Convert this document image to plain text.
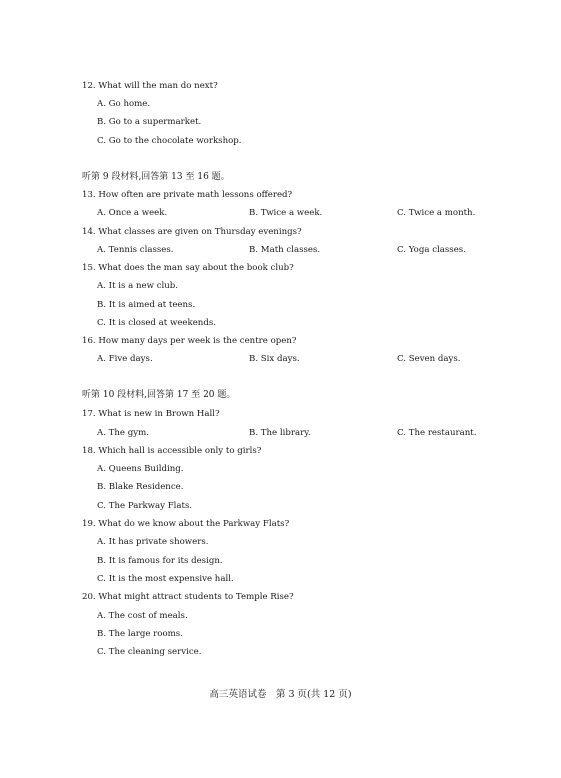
12. What will the man do next?
A. Go home.
B. Go to a supermarket.
C. Go to the chocolate workshop.
听第 9 段材料,回答第 13 至 16 题。
13. How often are private math lessons offered?
A. Once a week.	B. Twice a week.	C. Twice a month.
14. What classes are given on Thursday evenings?
A. Tennis classes.	B. Math classes.	C. Yoga classes.
15. What does the man say about the book club?
A. It is a new club.
B. It is aimed at teens.
C. It is closed at weekends.
16. How many days per week is the centre open?
A. Five days.	B. Six days.	C. Seven days.
听第 10 段材料,回答第 17 至 20 题。
17. What is new in Brown Hall?
A. The gym.	B. The library.	C. The restaurant.
18. Which hall is accessible only to girls?
A. Queens Building.
B. Blake Residence.
C. The Parkway Flats.
19. What do we know about the Parkway Flats?
A. It has private showers.
B. It is famous for its design.
C. It is the most expensive hall.
20. What might attract students to Temple Rise?
A. The cost of meals.
B. The large rooms.
C. The cleaning service.
高三英语试卷　第 3 页(共 12 页)
